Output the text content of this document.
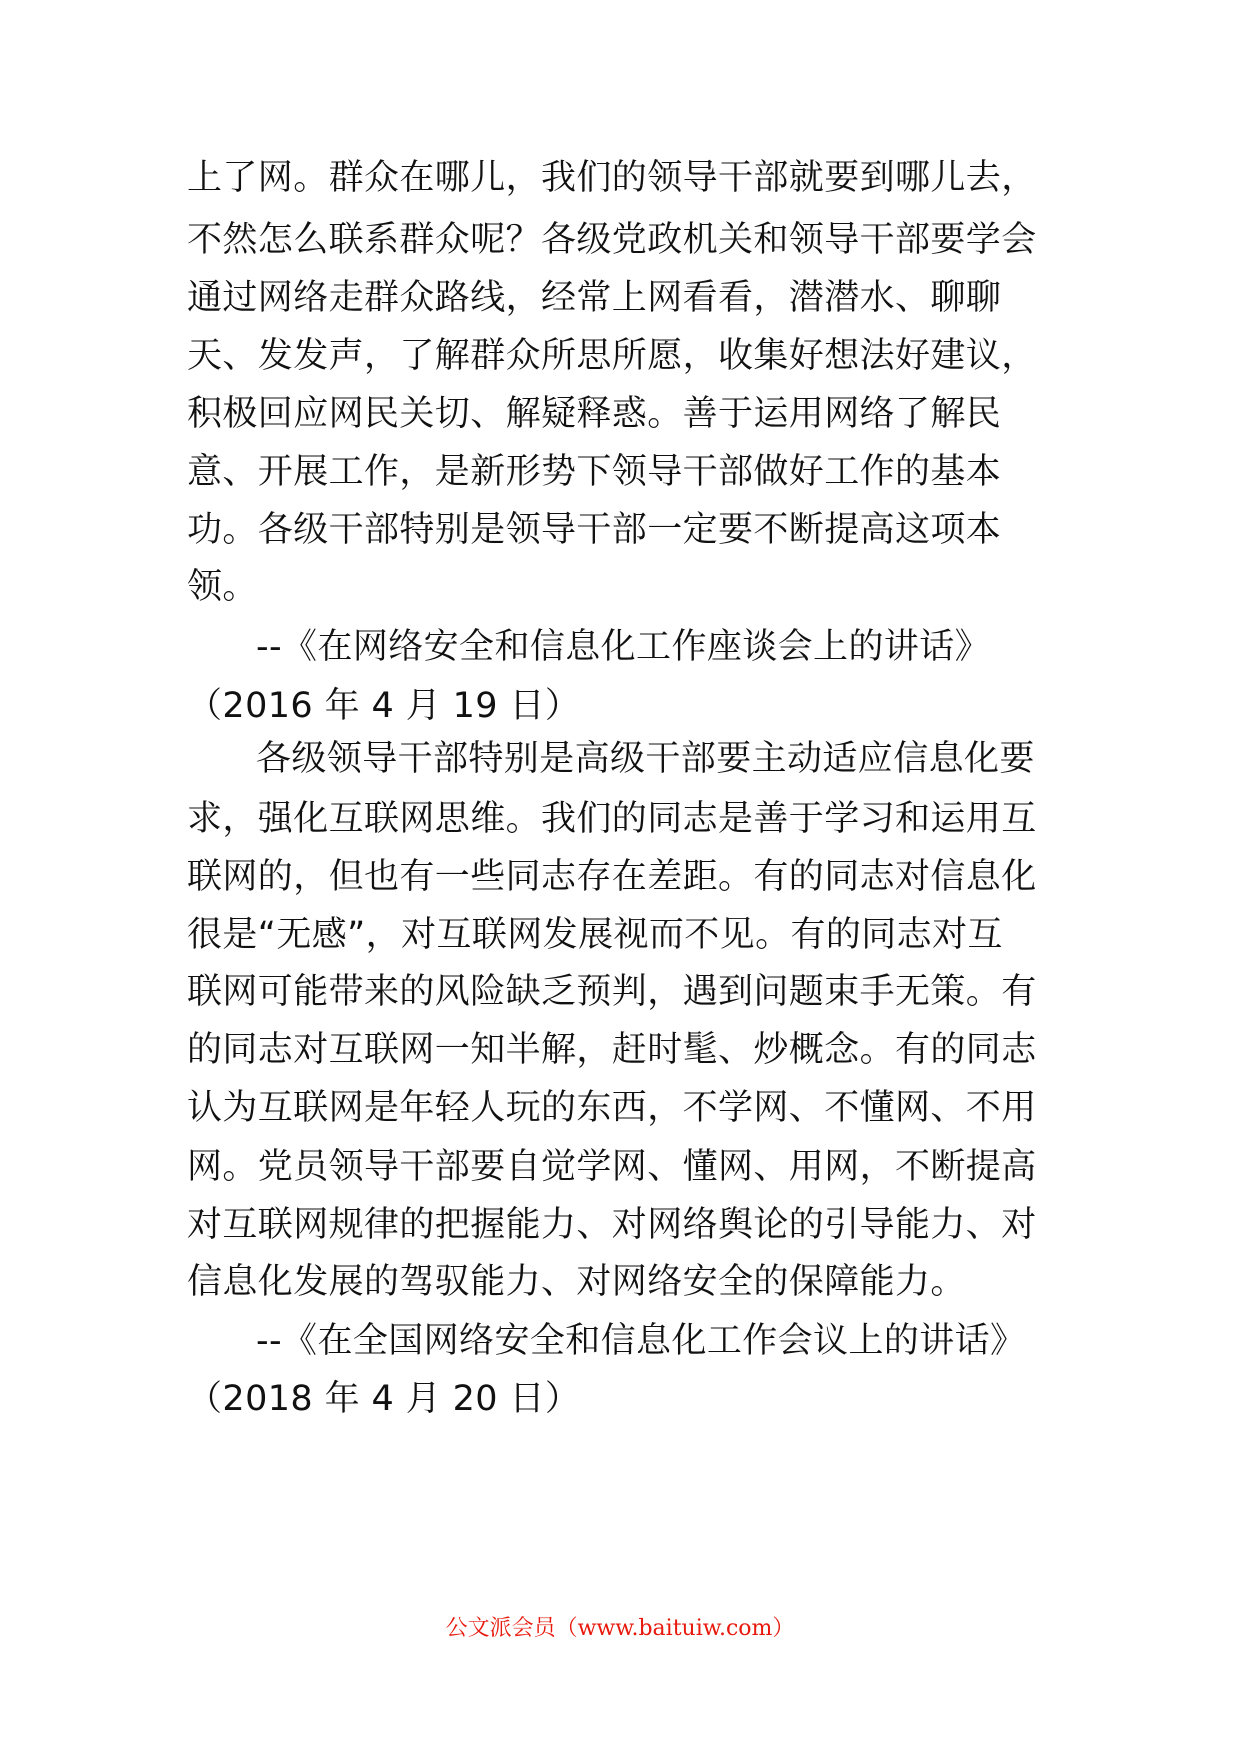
上了网。群众在哪儿，我们的领导干部就要到哪儿去，
不然怎么联系群众呢？各级党政机关和领导干部要学会
通过网络走群众路线，经常上网看看，潜潜水、聊聊
天、发发声，了解群众所思所愿，收集好想法好建议，
积极回应网民关切、解疑释惑。善于运用网络了解民
意、开展工作，是新形势下领导干部做好工作的基本
功。各级干部特别是领导干部一定要不断提高这项本
领。
--《在网络安全和信息化工作座谈会上的讲话》
（2016 年 4 月 19 日）
各级领导干部特别是高级干部要主动适应信息化要
求，强化互联网思维。我们的同志是善于学习和运用互
联网的，但也有一些同志存在差距。有的同志对信息化
很是“无感”，对互联网发展视而不见。有的同志对互
联网可能带来的风险缺乏预判，遇到问题束手无策。有
的同志对互联网一知半解，赶时髦、炒概念。有的同志
认为互联网是年轻人玩的东西，不学网、不懂网、不用
网。党员领导干部要自觉学网、懂网、用网，不断提高
对互联网规律的把握能力、对网络舆论的引导能力、对
信息化发展的驾驭能力、对网络安全的保障能力。
--《在全国网络安全和信息化工作会议上的讲话》
（2018 年 4 月 20 日）
公文派会员（www.baituiw.com）
